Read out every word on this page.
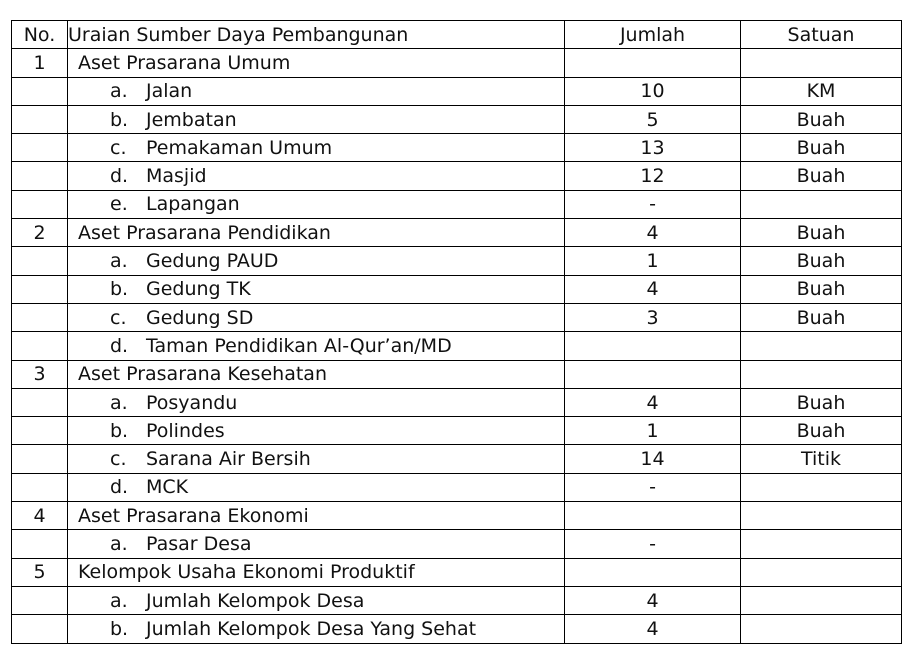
No.	Uraian Sumber Daya Pembangunan	Jumlah	Satuan
1	Aset Prasarana Umum		
	a. Jalan	10	KM
	b. Jembatan	5	Buah
	c. Pemakaman Umum	13	Buah
	d. Masjid	12	Buah
	e. Lapangan	-	
2	Aset Prasarana Pendidikan	4	Buah
	a. Gedung PAUD	1	Buah
	b. Gedung TK	4	Buah
	c. Gedung SD	3	Buah
	d. Taman Pendidikan Al-Qur’an/MD		
3	Aset Prasarana Kesehatan		
	a. Posyandu	4	Buah
	b. Polindes	1	Buah
	c. Sarana Air Bersih	14	Titik
	d. MCK	-	
4	Aset Prasarana Ekonomi		
	a. Pasar Desa	-	
5	Kelompok Usaha Ekonomi Produktif		
	a. Jumlah Kelompok Desa	4	
	b. Jumlah Kelompok Desa Yang Sehat	4	
